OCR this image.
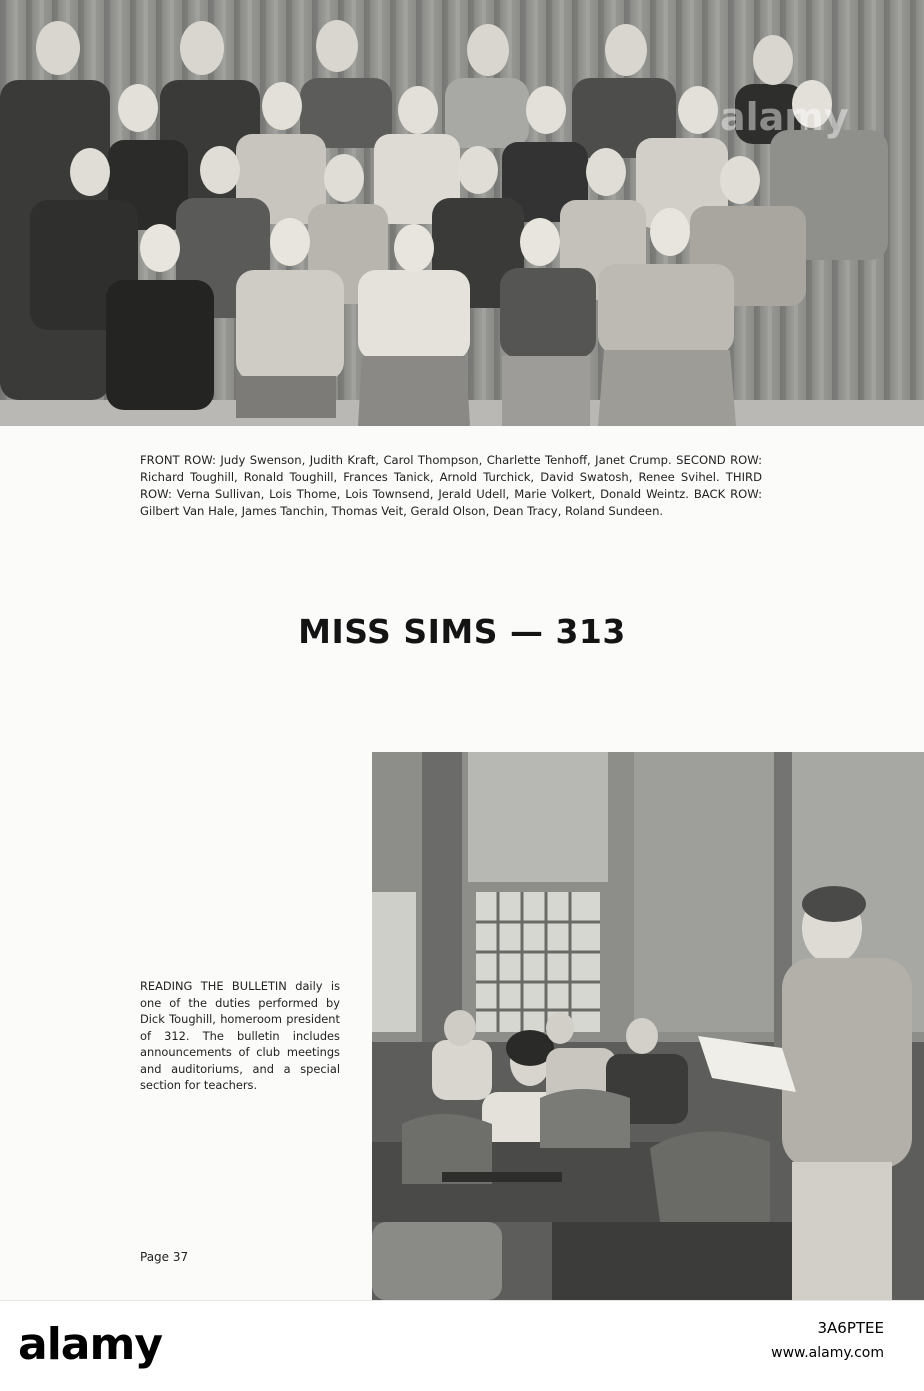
alamy
FRONT ROW: Judy Swenson, Judith Kraft, Carol Thompson, Charlette Tenhoff, Janet Crump. SECOND ROW: Richard Toughill, Ronald Toughill, Frances Tanick, Arnold Turchick, David Swatosh, Renee Svihel. THIRD ROW: Verna Sullivan, Lois Thome, Lois Townsend, Jerald Udell, Marie Volkert, Donald Weintz. BACK ROW: Gilbert Van Hale, James Tanchin, Thomas Veit, Gerald Olson, Dean Tracy, Roland Sundeen.
MISS SIMS — 313
READING THE BULLETIN daily is one of the duties performed by Dick Toughill, homeroom president of 312. The bulletin includes announcements of club meetings and auditoriums, and a special section for teachers.
Page 37
alamy	3A6PTEE
www.alamy.com
